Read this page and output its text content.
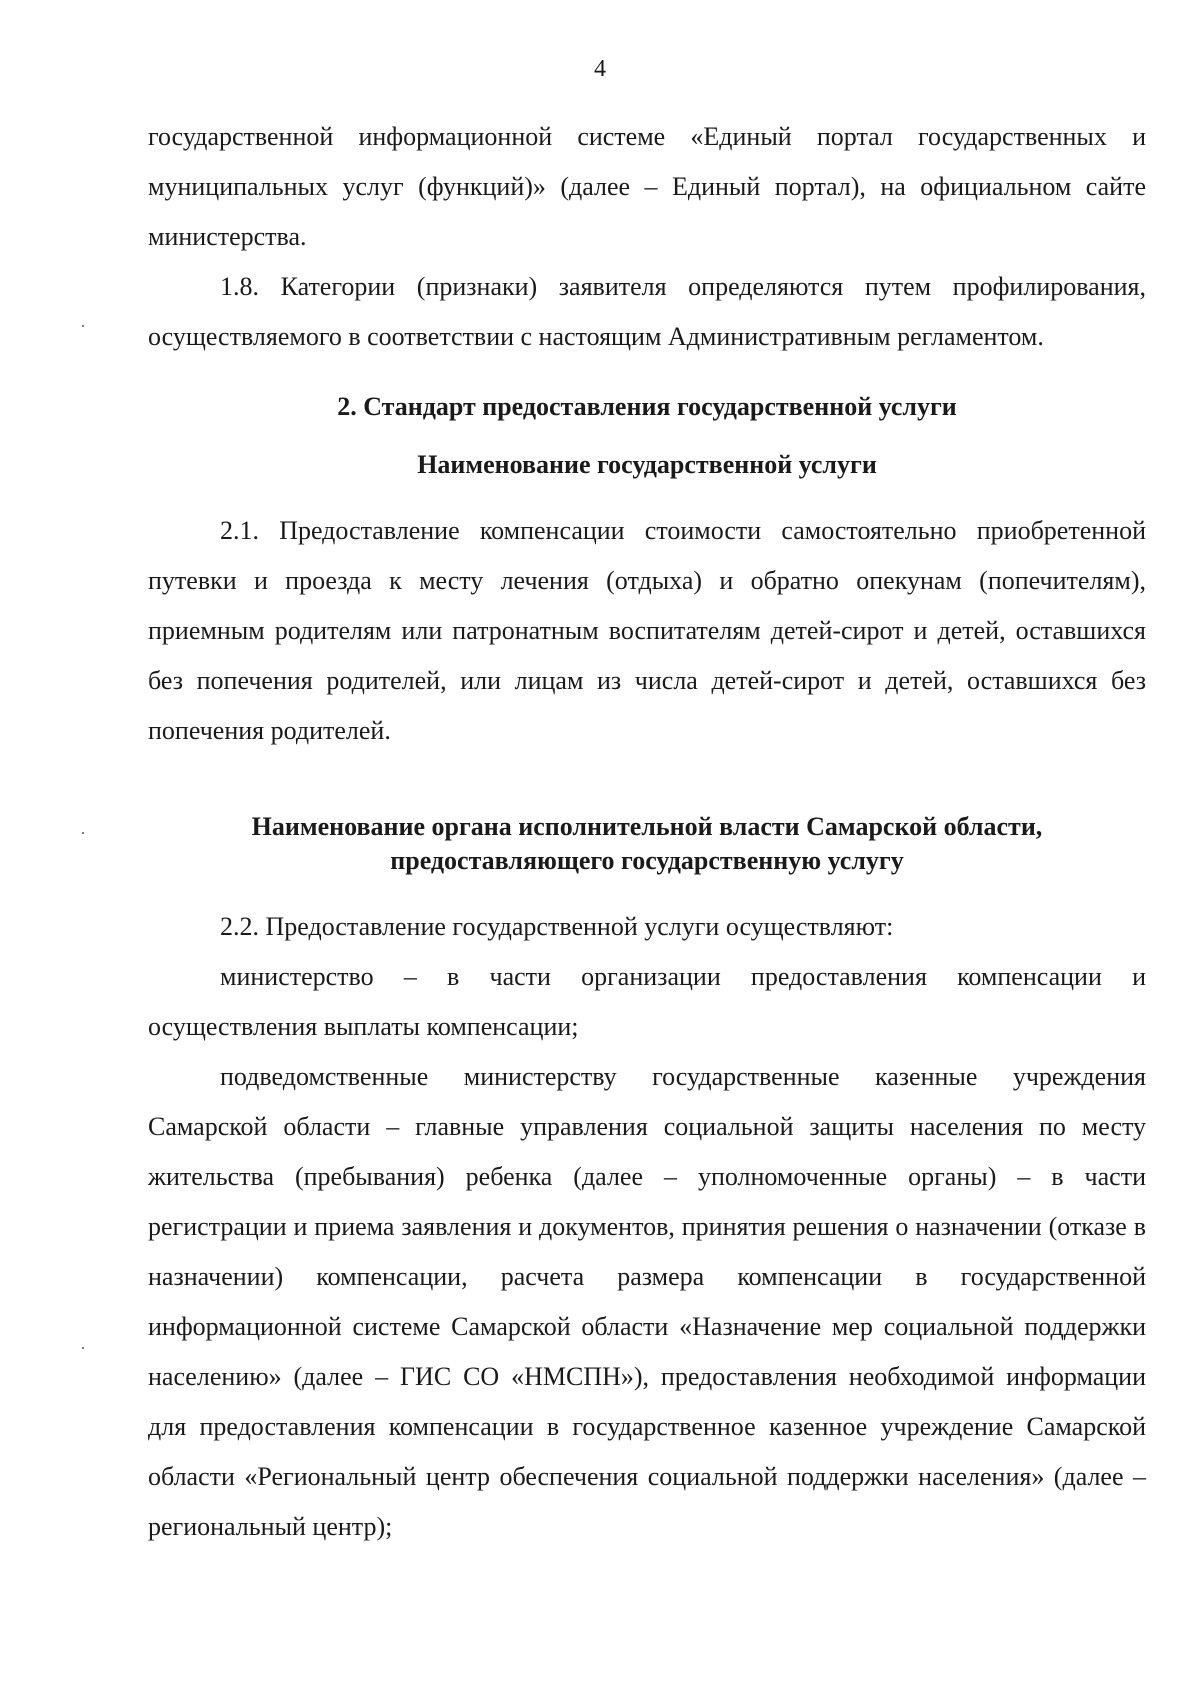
4

государственной информационной системе «Единый портал государственных и муниципальных услуг (функций)» (далее – Единый портал), на официальном сайте министерства.

1.8. Категории (признаки) заявителя определяются путем профилирования, осуществляемого в соответствии с настоящим Административным регламентом.

2. Стандарт предоставления государственной услуги
Наименование государственной услуги

2.1. Предоставление компенсации стоимости самостоятельно приобретенной путевки и проезда к месту лечения (отдыха) и обратно опекунам (попечителям), приемным родителям или патронатным воспитателям детей-сирот и детей, оставшихся без попечения родителей, или лицам из числа детей-сирот и детей, оставшихся без попечения родителей.

Наименование органа исполнительной власти Самарской области,
предоставляющего государственную услугу

2.2. Предоставление государственной услуги осуществляют:

министерство – в части организации предоставления компенсации и осуществления выплаты компенсации;

подведомственные министерству государственные казенные учреждения Самарской области – главные управления социальной защиты населения по месту жительства (пребывания) ребенка (далее – уполномоченные органы) – в части регистрации и приема заявления и документов, принятия решения о назначении (отказе в назначении) компенсации, расчета размера компенсации в государственной информационной системе Самарской области «Назначение мер социальной поддержки населению» (далее – ГИС СО «НМСПН»), предоставления необходимой информации для предоставления компенсации в государственное казенное учреждение Самарской области «Региональный центр обеспечения социальной поддержки населения» (далее – региональный центр);
